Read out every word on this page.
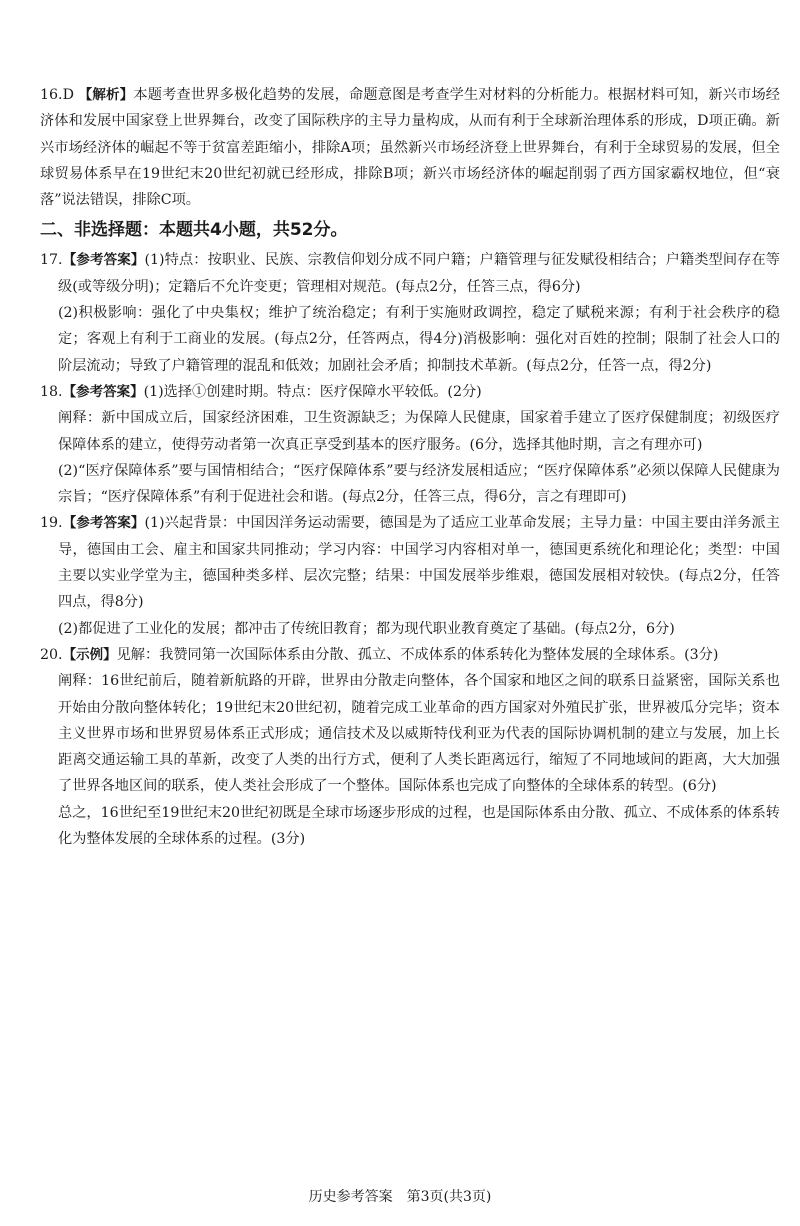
16.D 【解析】本题考查世界多极化趋势的发展，命题意图是考查学生对材料的分析能力。根据材料可知，新兴市场经济体和发展中国家登上世界舞台，改变了国际秩序的主导力量构成，从而有利于全球新治理体系的形成，D项正确。新兴市场经济体的崛起不等于贫富差距缩小，排除A项；虽然新兴市场经济登上世界舞台，有利于全球贸易的发展，但全球贸易体系早在19世纪末20世纪初就已经形成，排除B项；新兴市场经济体的崛起削弱了西方国家霸权地位，但“衰落”说法错误，排除C项。

二、非选择题：本题共4小题，共52分。

17.【参考答案】(1)特点：按职业、民族、宗教信仰划分成不同户籍；户籍管理与征发赋役相结合；户籍类型间存在等级(或等级分明)；定籍后不允许变更；管理相对规范。(每点2分，任答三点，得6分)

(2)积极影响：强化了中央集权；维护了统治稳定；有利于实施财政调控，稳定了赋税来源；有利于社会秩序的稳定；客观上有利于工商业的发展。(每点2分，任答两点，得4分)消极影响：强化对百姓的控制；限制了社会人口的阶层流动；导致了户籍管理的混乱和低效；加剧社会矛盾；抑制技术革新。(每点2分，任答一点，得2分)

18.【参考答案】(1)选择①创建时期。特点：医疗保障水平较低。(2分)

阐释：新中国成立后，国家经济困难，卫生资源缺乏；为保障人民健康，国家着手建立了医疗保健制度；初级医疗保障体系的建立，使得劳动者第一次真正享受到基本的医疗服务。(6分，选择其他时期，言之有理亦可)

(2)“医疗保障体系”要与国情相结合；“医疗保障体系”要与经济发展相适应；“医疗保障体系”必须以保障人民健康为宗旨；“医疗保障体系”有利于促进社会和谐。(每点2分，任答三点，得6分，言之有理即可)

19.【参考答案】(1)兴起背景：中国因洋务运动需要，德国是为了适应工业革命发展；主导力量：中国主要由洋务派主导，德国由工会、雇主和国家共同推动；学习内容：中国学习内容相对单一，德国更系统化和理论化；类型：中国主要以实业学堂为主，德国种类多样、层次完整；结果：中国发展举步维艰，德国发展相对较快。(每点2分，任答四点，得8分)

(2)都促进了工业化的发展；都冲击了传统旧教育；都为现代职业教育奠定了基础。(每点2分，6分)

20.【示例】见解：我赞同第一次国际体系由分散、孤立、不成体系的体系转化为整体发展的全球体系。(3分)

阐释：16世纪前后，随着新航路的开辟，世界由分散走向整体，各个国家和地区之间的联系日益紧密，国际关系也开始由分散向整体转化；19世纪末20世纪初，随着完成工业革命的西方国家对外殖民扩张，世界被瓜分完毕；资本主义世界市场和世界贸易体系正式形成；通信技术及以威斯特伐利亚为代表的国际协调机制的建立与发展，加上长距离交通运输工具的革新，改变了人类的出行方式，便利了人类长距离远行，缩短了不同地域间的距离，大大加强了世界各地区间的联系，使人类社会形成了一个整体。国际体系也完成了向整体的全球体系的转型。(6分)

总之，16世纪至19世纪末20世纪初既是全球市场逐步形成的过程，也是国际体系由分散、孤立、不成体系的体系转化为整体发展的全球体系的过程。(3分)

历史参考答案　第3页(共3页)
